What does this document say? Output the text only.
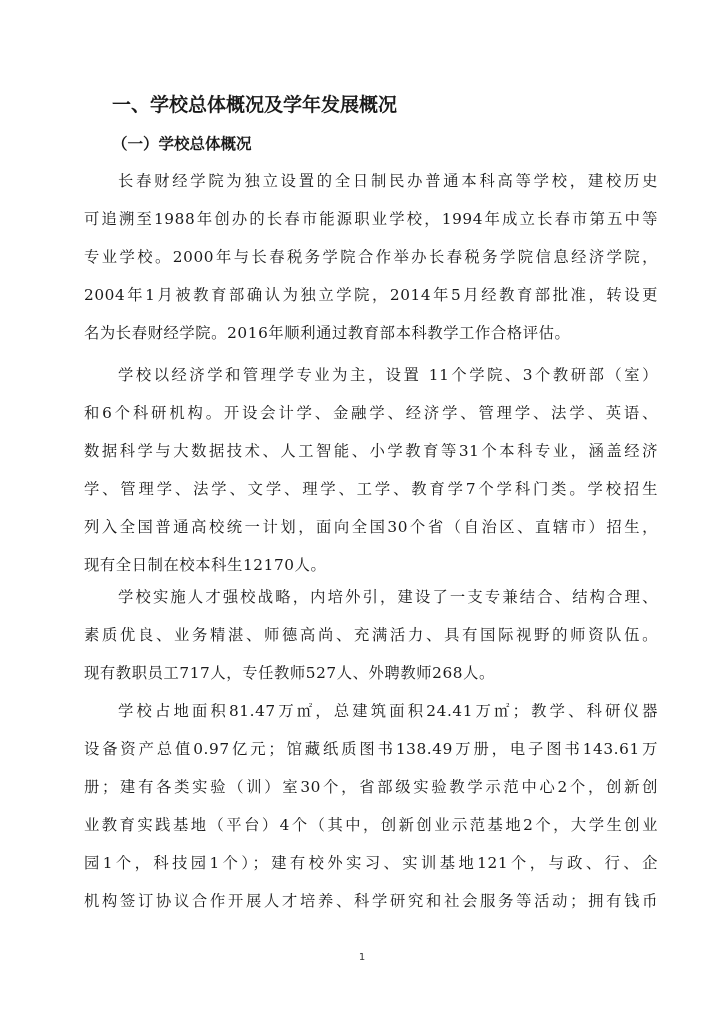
一、学校总体概况及学年发展概况
（一）学校总体概况
长春财经学院为独立设置的全日制民办普通本科高等学校，建校历史
可追溯至1988年创办的长春市能源职业学校，1994年成立长春市第五中等
专业学校。2000年与长春税务学院合作举办长春税务学院信息经济学院，
2004年1月被教育部确认为独立学院，2014年5月经教育部批准，转设更
名为长春财经学院。2016年顺利通过教育部本科教学工作合格评估。
学校以经济学和管理学专业为主，设置 11个学院、3个教研部（室）
和6个科研机构。开设会计学、金融学、经济学、管理学、法学、英语、
数据科学与大数据技术、人工智能、小学教育等31个本科专业，涵盖经济
学、管理学、法学、文学、理学、工学、教育学7个学科门类。学校招生
列入全国普通高校统一计划，面向全国30个省（自治区、直辖市）招生，
现有全日制在校本科生12170人。
学校实施人才强校战略，内培外引，建设了一支专兼结合、结构合理、
素质优良、业务精湛、师德高尚、充满活力、具有国际视野的师资队伍。
现有教职员工717人，专任教师527人、外聘教师268人。
学校占地面积81.47万㎡，总建筑面积24.41万㎡；教学、科研仪器
设备资产总值0.97亿元；馆藏纸质图书138.49万册，电子图书143.61万
册；建有各类实验（训）室30个，省部级实验教学示范中心2个，创新创
业教育实践基地（平台）4个（其中，创新创业示范基地2个，大学生创业
园1个，科技园1个）；建有校外实习、实训基地121个，与政、行、企
机构签订协议合作开展人才培养、科学研究和社会服务等活动；拥有钱币
1
